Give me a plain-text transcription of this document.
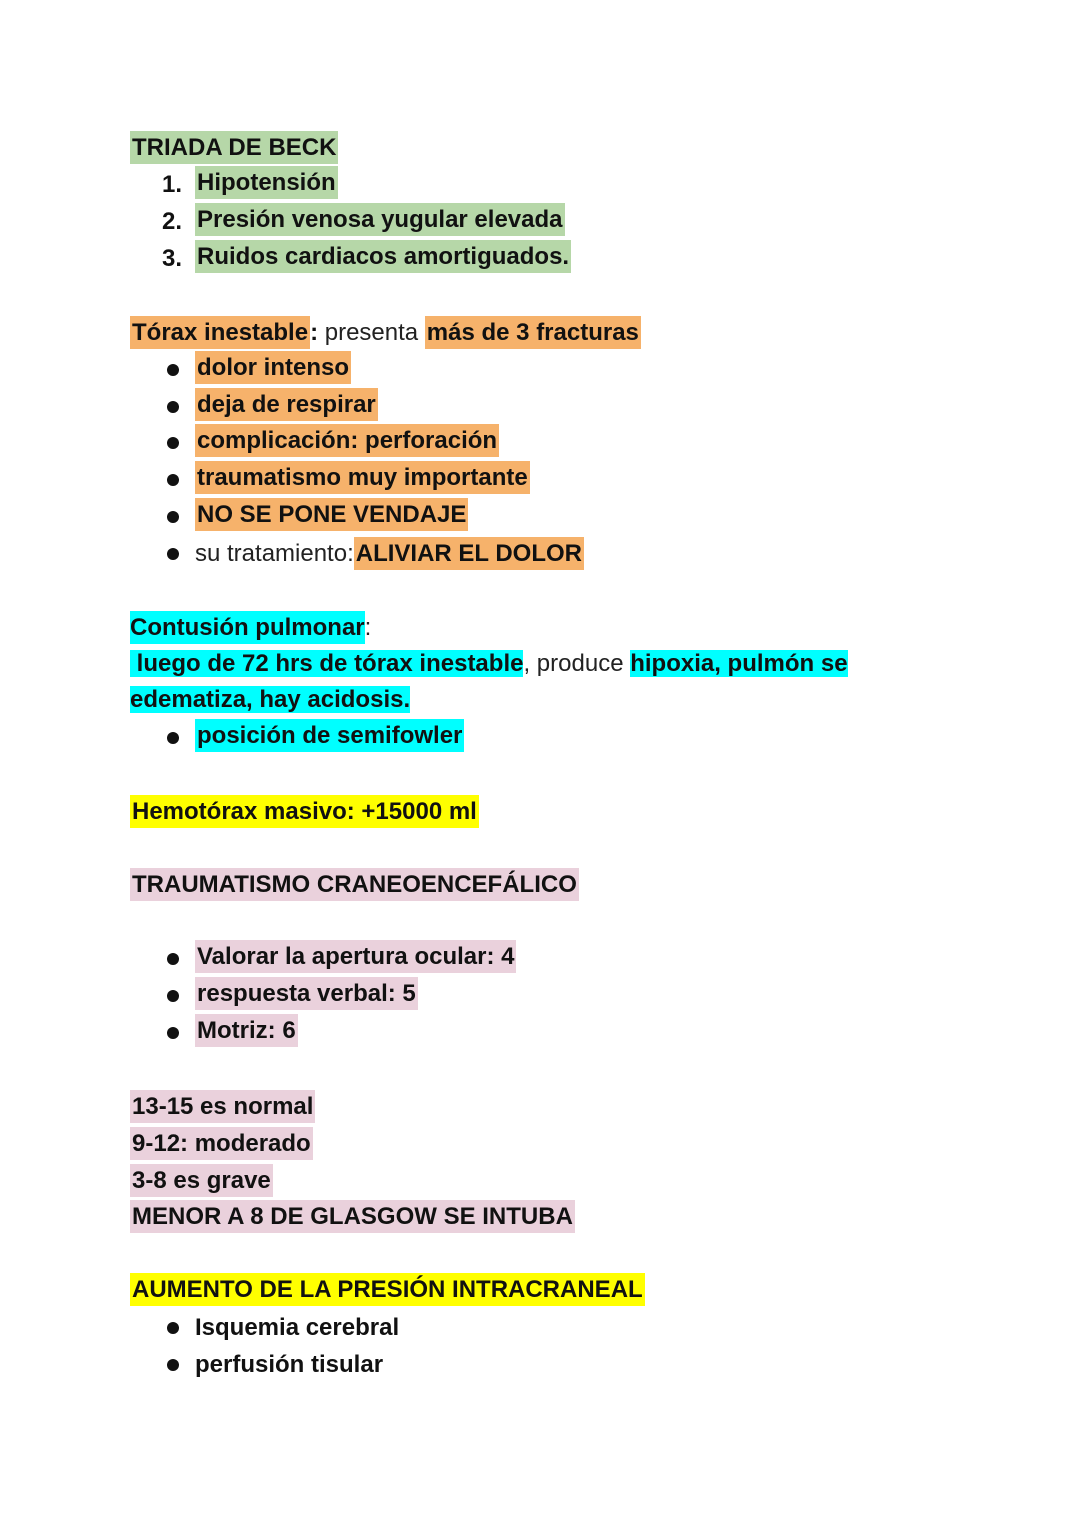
TRIADA DE BECK
1. Hipotensión
2. Presión venosa yugular elevada
3. Ruidos cardiacos amortiguados.
Tórax inestable: presenta más de 3 fracturas
dolor intenso
deja de respirar
complicación: perforación
traumatismo muy importante
NO SE PONE VENDAJE
su tratamiento:ALIVIAR EL DOLOR
Contusión pulmonar: luego de 72 hrs de tórax inestable, produce hipoxia, pulmón se edematiza, hay acidosis.
posición de semifowler
Hemotórax masivo: +15000 ml
TRAUMATISMO CRANEOENCEFÁLICO
Valorar la apertura ocular: 4
respuesta verbal: 5
Motriz: 6
13-15 es normal
9-12: moderado
3-8 es grave
MENOR A 8 DE GLASGOW SE INTUBA
AUMENTO DE LA PRESIÓN INTRACRANEAL
Isquemia cerebral
perfusión tisular
